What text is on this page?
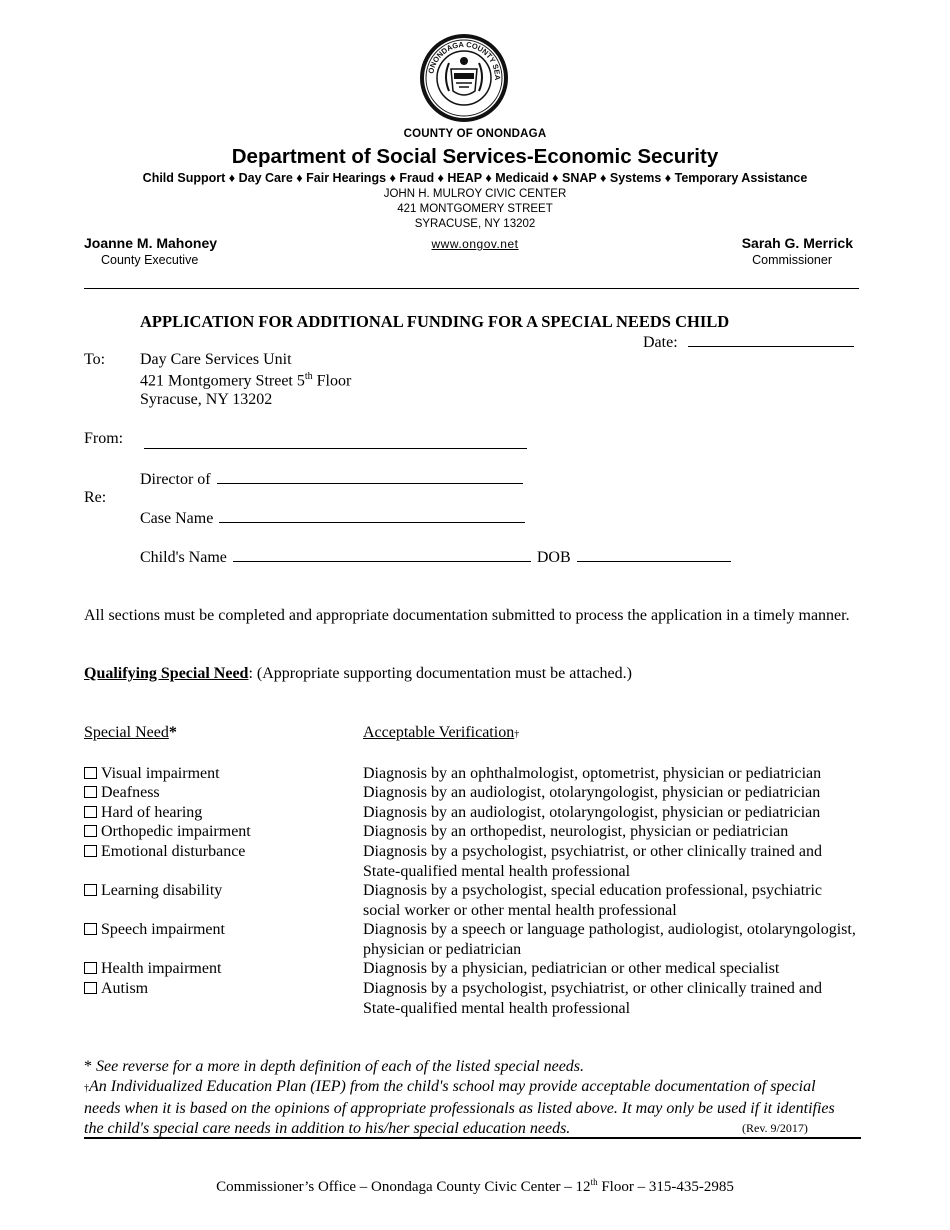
ONONDAGA COUNTY SEA
COUNTY OF ONONDAGA
Department of Social Services-Economic Security
Child Support ♦ Day Care ♦ Fair Hearings ♦ Fraud ♦ HEAP ♦ Medicaid ♦ SNAP ♦ Systems ♦ Temporary Assistance
JOHN H. MULROY CIVIC CENTER
421 MONTGOMERY STREET
SYRACUSE, NY 13202
www.ongov.net
Joanne M. Mahoney
County Executive
Sarah G. Merrick
Commissioner
APPLICATION FOR ADDITIONAL FUNDING FOR A SPECIAL NEEDS CHILD
Date:
To: Day Care Services Unit
421 Montgomery Street 5th Floor
Syracuse, NY 13202
From:
Director of
Re:
Case Name
Child's Name	DOB
All sections must be completed and appropriate documentation submitted to process the application in a timely manner.
Qualifying Special Need: (Appropriate supporting documentation must be attached.)
Special Need*	Acceptable Verification†
Visual impairment	Diagnosis by an ophthalmologist, optometrist, physician or pediatrician
Deafness	Diagnosis by an audiologist, otolaryngologist, physician or pediatrician
Hard of hearing	Diagnosis by an audiologist, otolaryngologist, physician or pediatrician
Orthopedic impairment	Diagnosis by an orthopedist, neurologist, physician or pediatrician
Emotional disturbance	Diagnosis by a psychologist, psychiatrist, or other clinically trained and State-qualified mental health professional
Learning disability	Diagnosis by a psychologist, special education professional, psychiatric social worker or other mental health professional
Speech impairment	Diagnosis by a speech or language pathologist, audiologist, otolaryngologist, physician or pediatrician
Health impairment	Diagnosis by a physician, pediatrician or other medical specialist
Autism	Diagnosis by a psychologist, psychiatrist, or other clinically trained and State-qualified mental health professional
* See reverse for a more in depth definition of each of the listed special needs.
†An Individualized Education Plan (IEP) from the child's school may provide acceptable documentation of special needs when it is based on the opinions of appropriate professionals as listed above. It may only be used if it identifies the child's special care needs in addition to his/her special education needs.	(Rev. 9/2017)
Commissioner’s Office – Onondaga County Civic Center – 12th Floor – 315-435-2985
